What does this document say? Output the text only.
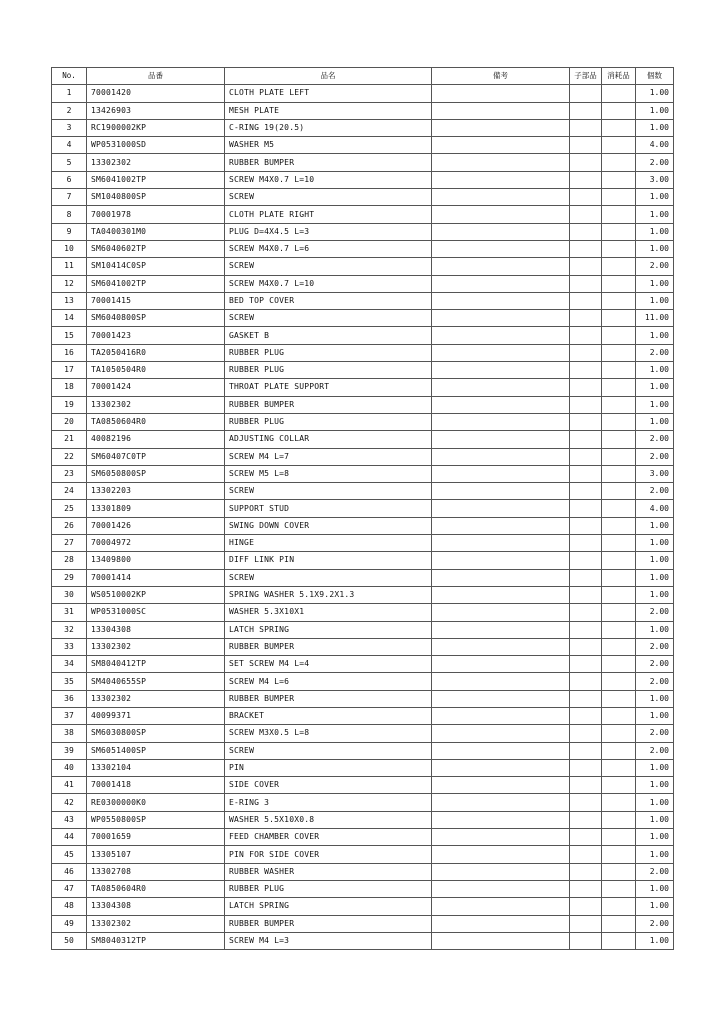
No.	品番	品名	備考	子部品	消耗品	個数
1	70001420	CLOTH PLATE LEFT				1.00
2	13426903	MESH PLATE				1.00
3	RC1900002KP	C-RING 19(20.5)				1.00
4	WP0531000SD	WASHER M5				4.00
5	13302302	RUBBER BUMPER				2.00
6	SM6041002TP	SCREW M4X0.7 L=10				3.00
7	SM1040800SP	SCREW				1.00
8	70001978	CLOTH PLATE RIGHT				1.00
9	TA0400301M0	PLUG D=4X4.5 L=3				1.00
10	SM6040602TP	SCREW M4X0.7 L=6				1.00
11	SM10414C0SP	SCREW				2.00
12	SM6041002TP	SCREW M4X0.7 L=10				1.00
13	70001415	BED TOP COVER				1.00
14	SM6040800SP	SCREW				11.00
15	70001423	GASKET B				1.00
16	TA2050416R0	RUBBER PLUG				2.00
17	TA1050504R0	RUBBER PLUG				1.00
18	70001424	THROAT PLATE SUPPORT				1.00
19	13302302	RUBBER BUMPER				1.00
20	TA0850604R0	RUBBER PLUG				1.00
21	40082196	ADJUSTING COLLAR				2.00
22	SM60407C0TP	SCREW M4 L=7				2.00
23	SM6050800SP	SCREW M5 L=8				3.00
24	13302203	SCREW				2.00
25	13301809	SUPPORT STUD				4.00
26	70001426	SWING DOWN COVER				1.00
27	70004972	HINGE				1.00
28	13409800	DIFF LINK PIN				1.00
29	70001414	SCREW				1.00
30	WS0510002KP	SPRING WASHER 5.1X9.2X1.3				1.00
31	WP0531000SC	WASHER 5.3X10X1				2.00
32	13304308	LATCH SPRING				1.00
33	13302302	RUBBER BUMPER				2.00
34	SM8040412TP	SET SCREW M4 L=4				2.00
35	SM4040655SP	SCREW M4 L=6				2.00
36	13302302	RUBBER BUMPER				1.00
37	40099371	BRACKET				1.00
38	SM6030800SP	SCREW M3X0.5 L=8				2.00
39	SM6051400SP	SCREW				2.00
40	13302104	PIN				1.00
41	70001418	SIDE COVER				1.00
42	RE0300000K0	E-RING 3				1.00
43	WP0550800SP	WASHER 5.5X10X0.8				1.00
44	70001659	FEED CHAMBER COVER				1.00
45	13305107	PIN FOR SIDE COVER				1.00
46	13302708	RUBBER WASHER				2.00
47	TA0850604R0	RUBBER PLUG				1.00
48	13304308	LATCH SPRING				1.00
49	13302302	RUBBER BUMPER				2.00
50	SM8040312TP	SCREW M4 L=3				1.00
